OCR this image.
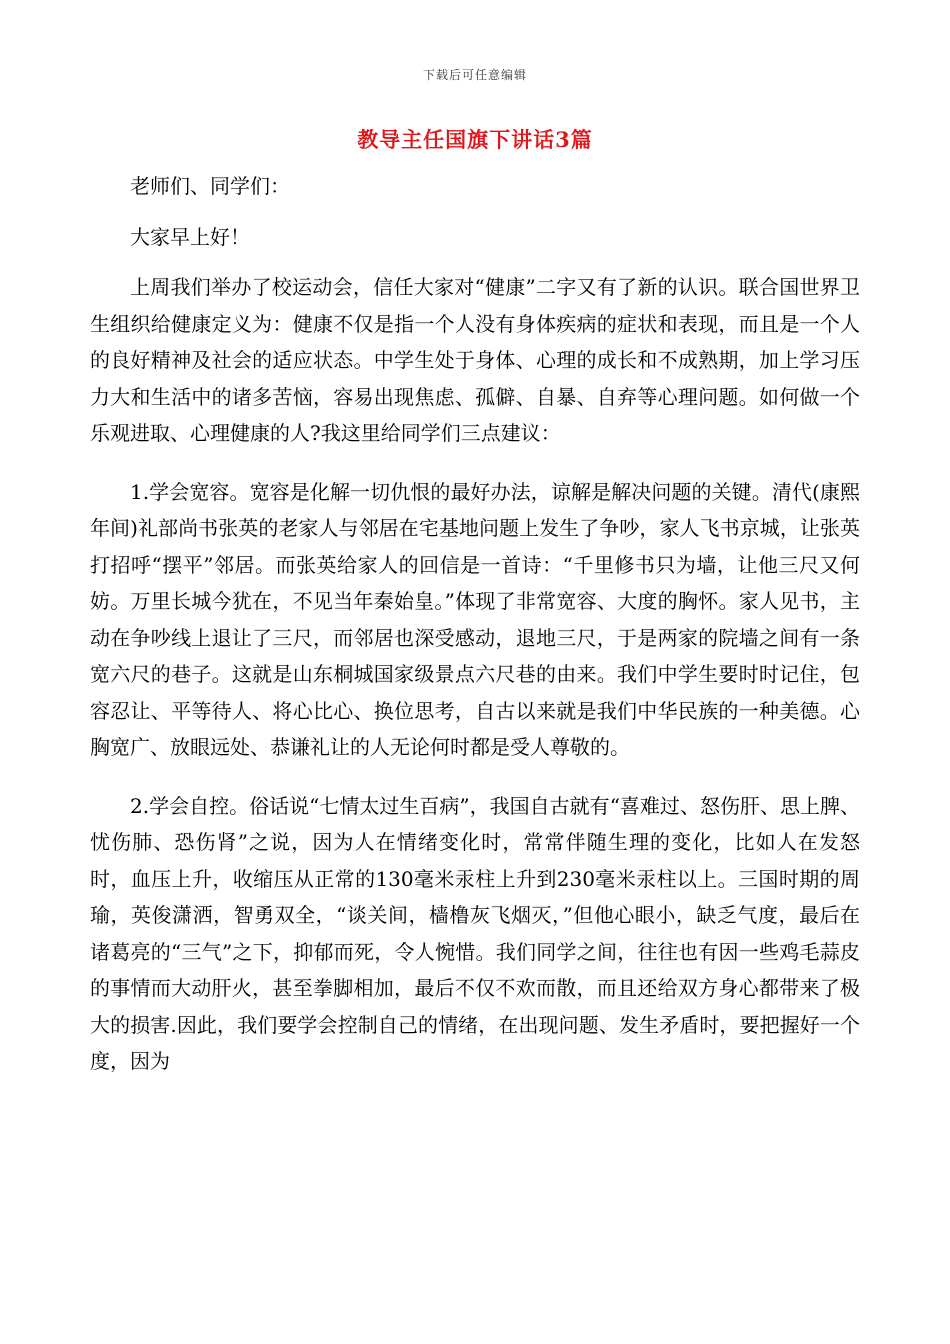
下载后可任意编辑
教导主任国旗下讲话3篇

老师们、同学们：

大家早上好！

上周我们举办了校运动会，信任大家对“健康”二字又有了新的认识。联合国世界卫生组织给健康定义为：健康不仅是指一个人没有身体疾病的症状和表现，而且是一个人的良好精神及社会的适应状态。中学生处于身体、心理的成长和不成熟期，加上学习压力大和生活中的诸多苦恼，容易出现焦虑、孤僻、自暴、自弃等心理问题。如何做一个乐观进取、心理健康的人?我这里给同学们三点建议：

1.学会宽容。宽容是化解一切仇恨的最好办法，谅解是解决问题的关键。清代(康熙年间)礼部尚书张英的老家人与邻居在宅基地问题上发生了争吵，家人飞书京城，让张英打招呼“摆平”邻居。而张英给家人的回信是一首诗：“千里修书只为墙，让他三尺又何妨。万里长城今犹在，不见当年秦始皇。”体现了非常宽容、大度的胸怀。家人见书，主动在争吵线上退让了三尺，而邻居也深受感动，退地三尺，于是两家的院墙之间有一条宽六尺的巷子。这就是山东桐城国家级景点六尺巷的由来。我们中学生要时时记住，包容忍让、平等待人、将心比心、换位思考，自古以来就是我们中华民族的一种美德。心胸宽广、放眼远处、恭谦礼让的人无论何时都是受人尊敬的。

2.学会自控。俗话说“七情太过生百病”，我国自古就有“喜难过、怒伤肝、思上脾、忧伤肺、恐伤肾”之说，因为人在情绪变化时，常常伴随生理的变化，比如人在发怒时，血压上升，收缩压从正常的130毫米汞柱上升到230毫米汞柱以上。三国时期的周瑜，英俊潇洒，智勇双全，“谈关间，樯橹灰飞烟灭，”但他心眼小，缺乏气度，最后在诸葛亮的“三气”之下，抑郁而死，令人惋惜。我们同学之间，往往也有因一些鸡毛蒜皮的事情而大动肝火，甚至拳脚相加，最后不仅不欢而散，而且还给双方身心都带来了极大的损害.因此，我们要学会控制自己的情绪，在出现问题、发生矛盾时，要把握好一个度，因为
